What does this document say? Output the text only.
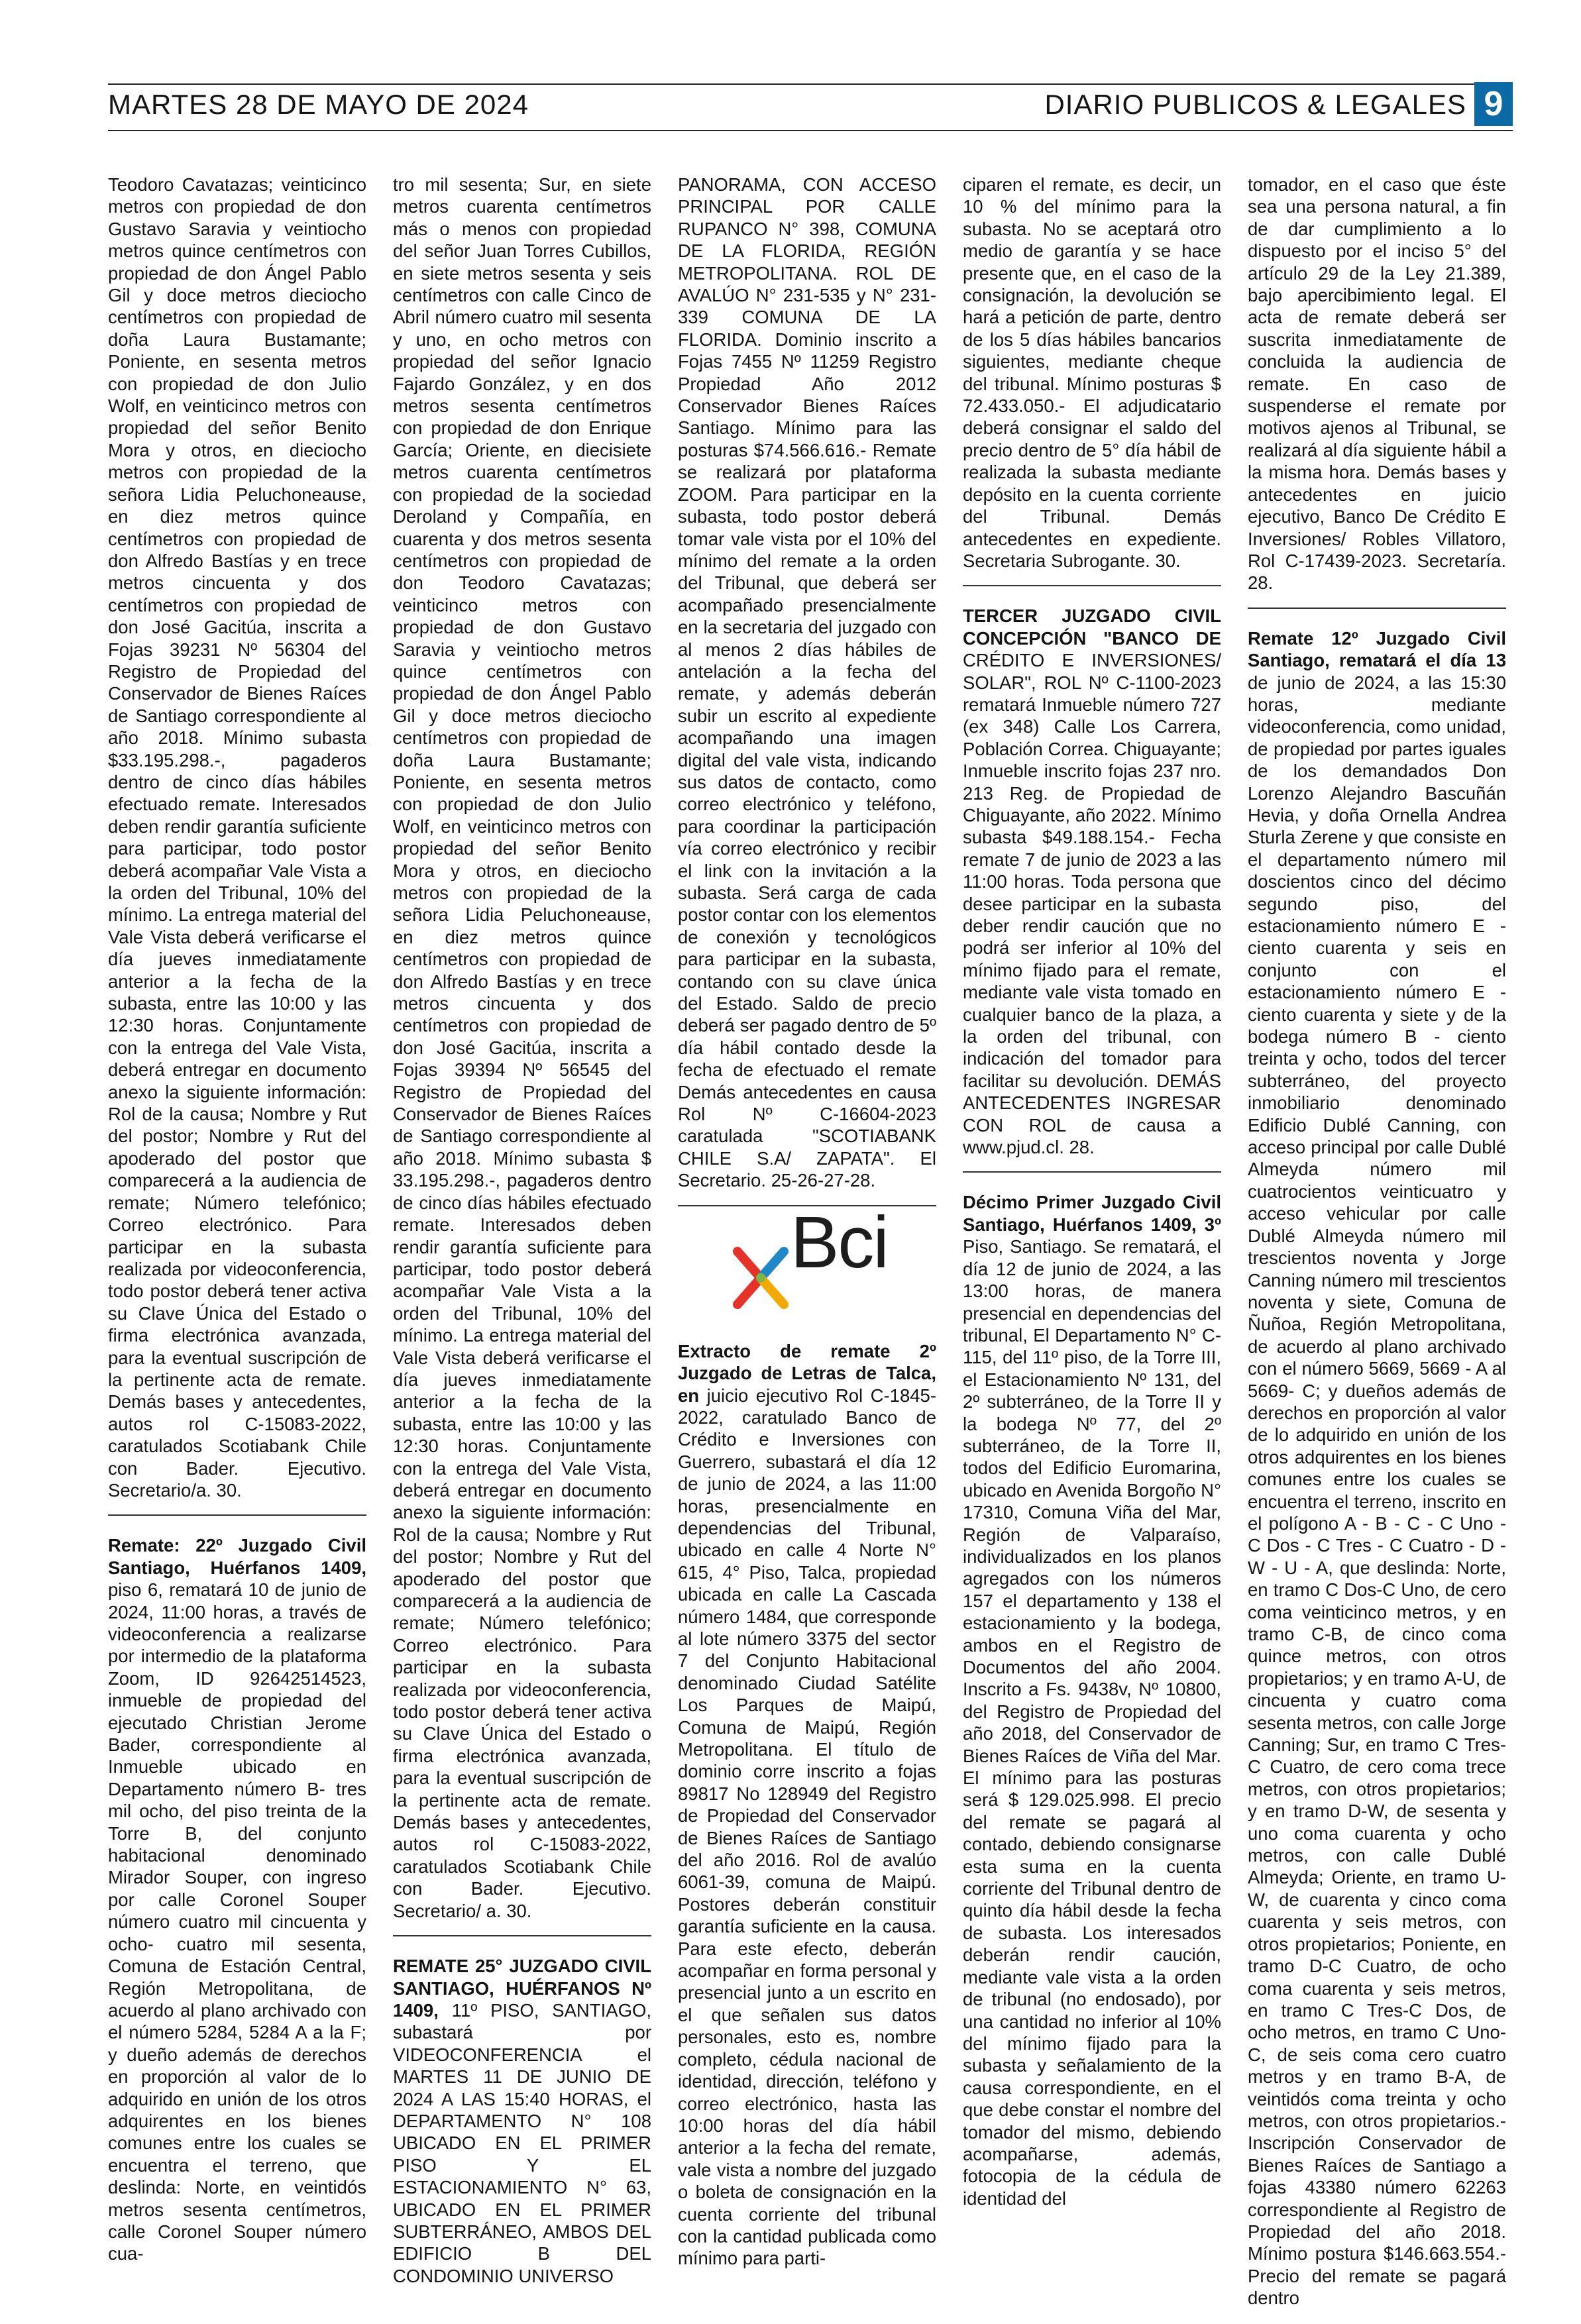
MARTES 28 DE MAYO DE 2024	DIARIO PUBLICOS & LEGALES 9

Teodoro Cavatazas; veinticinco metros con propiedad de don Gustavo Saravia y veintiocho metros quince centímetros con propiedad de don Ángel Pablo Gil y doce metros dieciocho centímetros con propiedad de doña Laura Bustamante; Poniente, en sesenta metros con propiedad de don Julio Wolf, en veinticinco metros con propiedad del señor Benito Mora y otros, en dieciocho metros con propiedad de la señora Lidia Peluchoneause, en diez metros quince centímetros con propiedad de don Alfredo Bastías y en trece metros cincuenta y dos centímetros con propiedad de don José Gacitúa, inscrita a Fojas 39231 Nº 56304 del Registro de Propiedad del Conservador de Bienes Raíces de Santiago correspondiente al año 2018. Mínimo subasta $33.195.298.-, pagaderos dentro de cinco días hábiles efectuado remate. Interesados deben rendir garantía suficiente para participar, todo postor deberá acompañar Vale Vista a la orden del Tribunal, 10% del mínimo. La entrega material del Vale Vista deberá verificarse el día jueves inmediatamente anterior a la fecha de la subasta, entre las 10:00 y las 12:30 horas. Conjuntamente con la entrega del Vale Vista, deberá entregar en documento anexo la siguiente información: Rol de la causa; Nombre y Rut del postor; Nombre y Rut del apoderado del postor que comparecerá a la audiencia de remate; Número telefónico; Correo electrónico. Para participar en la subasta realizada por videoconferencia, todo postor deberá tener activa su Clave Única del Estado o firma electrónica avanzada, para la eventual suscripción de la pertinente acta de remate. Demás bases y antecedentes, autos rol C-15083-2022, caratulados Scotiabank Chile con Bader. Ejecutivo. Secretario/a. 30.

Remate: 22º Juzgado Civil Santiago, Huérfanos 1409, piso 6, rematará 10 de junio de 2024, 11:00 horas, a través de videoconferencia a realizarse por intermedio de la plataforma Zoom, ID 92642514523, inmueble de propiedad del ejecutado Christian Jerome Bader, correspondiente al Inmueble ubicado en Departamento número B- tres mil ocho, del piso treinta de la Torre B, del conjunto habitacional denominado Mirador Souper, con ingreso por calle Coronel Souper número cuatro mil cincuenta y ocho- cuatro mil sesenta, Comuna de Estación Central, Región Metropolitana, de acuerdo al plano archivado con el número 5284, 5284 A a la F; y dueño además de derechos en proporción al valor de lo adquirido en unión de los otros adquirentes en los bienes comunes entre los cuales se encuentra el terreno, que deslinda: Norte, en veintidós metros sesenta centímetros, calle Coronel Souper número cua-

tro mil sesenta; Sur, en siete metros cuarenta centímetros más o menos con propiedad del señor Juan Torres Cubillos, en siete metros sesenta y seis centímetros con calle Cinco de Abril número cuatro mil sesenta y uno, en ocho metros con propiedad del señor Ignacio Fajardo González, y en dos metros sesenta centímetros con propiedad de don Enrique García; Oriente, en diecisiete metros cuarenta centímetros con propiedad de la sociedad Deroland y Compañía, en cuarenta y dos metros sesenta centímetros con propiedad de don Teodoro Cavatazas; veinticinco metros con propiedad de don Gustavo Saravia y veintiocho metros quince centímetros con propiedad de don Ángel Pablo Gil y doce metros dieciocho centímetros con propiedad de doña Laura Bustamante; Poniente, en sesenta metros con propiedad de don Julio Wolf, en veinticinco metros con propiedad del señor Benito Mora y otros, en dieciocho metros con propiedad de la señora Lidia Peluchoneause, en diez metros quince centímetros con propiedad de don Alfredo Bastías y en trece metros cincuenta y dos centímetros con propiedad de don José Gacitúa, inscrita a Fojas 39394 Nº 56545 del Registro de Propiedad del Conservador de Bienes Raíces de Santiago correspondiente al año 2018. Mínimo subasta $ 33.195.298.-, pagaderos dentro de cinco días hábiles efectuado remate. Interesados deben rendir garantía suficiente para participar, todo postor deberá acompañar Vale Vista a la orden del Tribunal, 10% del mínimo. La entrega material del Vale Vista deberá verificarse el día jueves inmediatamente anterior a la fecha de la subasta, entre las 10:00 y las 12:30 horas. Conjuntamente con la entrega del Vale Vista, deberá entregar en documento anexo la siguiente información: Rol de la causa; Nombre y Rut del postor; Nombre y Rut del apoderado del postor que comparecerá a la audiencia de remate; Número telefónico; Correo electrónico. Para participar en la subasta realizada por videoconferencia, todo postor deberá tener activa su Clave Única del Estado o firma electrónica avanzada, para la eventual suscripción de la pertinente acta de remate. Demás bases y antecedentes, autos rol C-15083-2022, caratulados Scotiabank Chile con Bader. Ejecutivo. Secretario/ a. 30.

REMATE 25° JUZGADO CIVIL SANTIAGO, HUÉRFANOS Nº 1409, 11º PISO, SANTIAGO, subastará por VIDEOCONFERENCIA el MARTES 11 DE JUNIO DE 2024 A LAS 15:40 HORAS, el DEPARTAMENTO N° 108 UBICADO EN EL PRIMER PISO Y EL ESTACIONAMIENTO N° 63, UBICADO EN EL PRIMER SUBTERRÁNEO, AMBOS DEL EDIFICIO B DEL CONDOMINIO UNIVERSO

PANORAMA, CON ACCESO PRINCIPAL POR CALLE RUPANCO N° 398, COMUNA DE LA FLORIDA, REGIÓN METROPOLITANA. ROL DE AVALÚO N° 231-535 y N° 231-339 COMUNA DE LA FLORIDA. Dominio inscrito a Fojas 7455 Nº 11259 Registro Propiedad Año 2012 Conservador Bienes Raíces Santiago. Mínimo para las posturas $74.566.616.- Remate se realizará por plataforma ZOOM. Para participar en la subasta, todo postor deberá tomar vale vista por el 10% del mínimo del remate a la orden del Tribunal, que deberá ser acompañado presencialmente en la secretaria del juzgado con al menos 2 días hábiles de antelación a la fecha del remate, y además deberán subir un escrito al expediente acompañando una imagen digital del vale vista, indicando sus datos de contacto, como correo electrónico y teléfono, para coordinar la participación vía correo electrónico y recibir el link con la invitación a la subasta. Será carga de cada postor contar con los elementos de conexión y tecnológicos para participar en la subasta, contando con su clave única del Estado. Saldo de precio deberá ser pagado dentro de 5º día hábil contado desde la fecha de efectuado el remate Demás antecedentes en causa Rol Nº C-16604-2023 caratulada "SCOTIABANK CHILE S.A/ ZAPATA". El Secretario. 25-26-27-28.

Bci

Extracto de remate 2º Juzgado de Letras de Talca, en juicio ejecutivo Rol C-1845-2022, caratulado Banco de Crédito e Inversiones con Guerrero, subastará el día 12 de junio de 2024, a las 11:00 horas, presencialmente en dependencias del Tribunal, ubicado en calle 4 Norte N° 615, 4° Piso, Talca, propiedad ubicada en calle La Cascada número 1484, que corresponde al lote número 3375 del sector 7 del Conjunto Habitacional denominado Ciudad Satélite Los Parques de Maipú, Comuna de Maipú, Región Metropolitana. El título de dominio corre inscrito a fojas 89817 No 128949 del Registro de Propiedad del Conservador de Bienes Raíces de Santiago del año 2016. Rol de avalúo 6061-39, comuna de Maipú. Postores deberán constituir garantía suficiente en la causa. Para este efecto, deberán acompañar en forma personal y presencial junto a un escrito en el que señalen sus datos personales, esto es, nombre completo, cédula nacional de identidad, dirección, teléfono y correo electrónico, hasta las 10:00 horas del día hábil anterior a la fecha del remate, vale vista a nombre del juzgado o boleta de consignación en la cuenta corriente del tribunal con la cantidad publicada como mínimo para parti-

ciparen el remate, es decir, un 10 % del mínimo para la subasta. No se aceptará otro medio de garantía y se hace presente que, en el caso de la consignación, la devolución se hará a petición de parte, dentro de los 5 días hábiles bancarios siguientes, mediante cheque del tribunal. Mínimo posturas $ 72.433.050.- El adjudicatario deberá consignar el saldo del precio dentro de 5° día hábil de realizada la subasta mediante depósito en la cuenta corriente del Tribunal. Demás antecedentes en expediente. Secretaria Subrogante. 30.

TERCER JUZGADO CIVIL CONCEPCIÓN "BANCO DE CRÉDITO E INVERSIONES/ SOLAR", ROL Nº C-1100-2023 rematará Inmueble número 727 (ex 348) Calle Los Carrera, Población Correa. Chiguayante; Inmueble inscrito fojas 237 nro. 213 Reg. de Propiedad de Chiguayante, año 2022. Mínimo subasta $49.188.154.- Fecha remate 7 de junio de 2023 a las 11:00 horas. Toda persona que desee participar en la subasta deber rendir caución que no podrá ser inferior al 10% del mínimo fijado para el remate, mediante vale vista tomado en cualquier banco de la plaza, a la orden del tribunal, con indicación del tomador para facilitar su devolución. DEMÁS ANTECEDENTES INGRESAR CON ROL de causa a www.pjud.cl. 28.

Décimo Primer Juzgado Civil Santiago, Huérfanos 1409, 3º Piso, Santiago. Se rematará, el día 12 de junio de 2024, a las 13:00 horas, de manera presencial en dependencias del tribunal, El Departamento N° C-115, del 11º piso, de la Torre III, el Estacionamiento Nº 131, del 2º subterráneo, de la Torre II y la bodega Nº 77, del 2º subterráneo, de la Torre II, todos del Edificio Euromarina, ubicado en Avenida Borgoño N° 17310, Comuna Viña del Mar, Región de Valparaíso, individualizados en los planos agregados con los números 157 el departamento y 138 el estacionamiento y la bodega, ambos en el Registro de Documentos del año 2004. Inscrito a Fs. 9438v, Nº 10800, del Registro de Propiedad del año 2018, del Conservador de Bienes Raíces de Viña del Mar. El mínimo para las posturas será $ 129.025.998. El precio del remate se pagará al contado, debiendo consignarse esta suma en la cuenta corriente del Tribunal dentro de quinto día hábil desde la fecha de subasta. Los interesados deberán rendir caución, mediante vale vista a la orden de tribunal (no endosado), por una cantidad no inferior al 10% del mínimo fijado para la subasta y señalamiento de la causa correspondiente, en el que debe constar el nombre del tomador del mismo, debiendo acompañarse, además, fotocopia de la cédula de identidad del

tomador, en el caso que éste sea una persona natural, a fin de dar cumplimiento a lo dispuesto por el inciso 5° del artículo 29 de la Ley 21.389, bajo apercibimiento legal. El acta de remate deberá ser suscrita inmediatamente de concluida la audiencia de remate. En caso de suspenderse el remate por motivos ajenos al Tribunal, se realizará al día siguiente hábil a la misma hora. Demás bases y antecedentes en juicio ejecutivo, Banco De Crédito E Inversiones/ Robles Villatoro, Rol C-17439-2023. Secretaría. 28.

Remate 12º Juzgado Civil Santiago, rematará el día 13 de junio de 2024, a las 15:30 horas, mediante videoconferencia, como unidad, de propiedad por partes iguales de los demandados Don Lorenzo Alejandro Bascuñán Hevia, y doña Ornella Andrea Sturla Zerene y que consiste en el departamento número mil doscientos cinco del décimo segundo piso, del estacionamiento número E - ciento cuarenta y seis en conjunto con el estacionamiento número E - ciento cuarenta y siete y de la bodega número B - ciento treinta y ocho, todos del tercer subterráneo, del proyecto inmobiliario denominado Edificio Dublé Canning, con acceso principal por calle Dublé Almeyda número mil cuatrocientos veinticuatro y acceso vehicular por calle Dublé Almeyda número mil trescientos noventa y Jorge Canning número mil trescientos noventa y siete, Comuna de Ñuñoa, Región Metropolitana, de acuerdo al plano archivado con el número 5669, 5669 - A al 5669- C; y dueños además de derechos en proporción al valor de lo adquirido en unión de los otros adquirentes en los bienes comunes entre los cuales se encuentra el terreno, inscrito en el polígono A - B - C - C Uno - C Dos - C Tres - C Cuatro - D - W - U - A, que deslinda: Norte, en tramo C Dos-C Uno, de cero coma veinticinco metros, y en tramo C-B, de cinco coma quince metros, con otros propietarios; y en tramo A-U, de cincuenta y cuatro coma sesenta metros, con calle Jorge Canning; Sur, en tramo C Tres-C Cuatro, de cero coma trece metros, con otros propietarios; y en tramo D-W, de sesenta y uno coma cuarenta y ocho metros, con calle Dublé Almeyda; Oriente, en tramo U-W, de cuarenta y cinco coma cuarenta y seis metros, con otros propietarios; Poniente, en tramo D-C Cuatro, de ocho coma cuarenta y seis metros, en tramo C Tres-C Dos, de ocho metros, en tramo C Uno-C, de seis coma cero cuatro metros y en tramo B-A, de veintidós coma treinta y ocho metros, con otros propietarios.- Inscripción Conservador de Bienes Raíces de Santiago a fojas 43380 número 62263 correspondiente al Registro de Propiedad del año 2018. Mínimo postura $146.663.554.- Precio del remate se pagará dentro
